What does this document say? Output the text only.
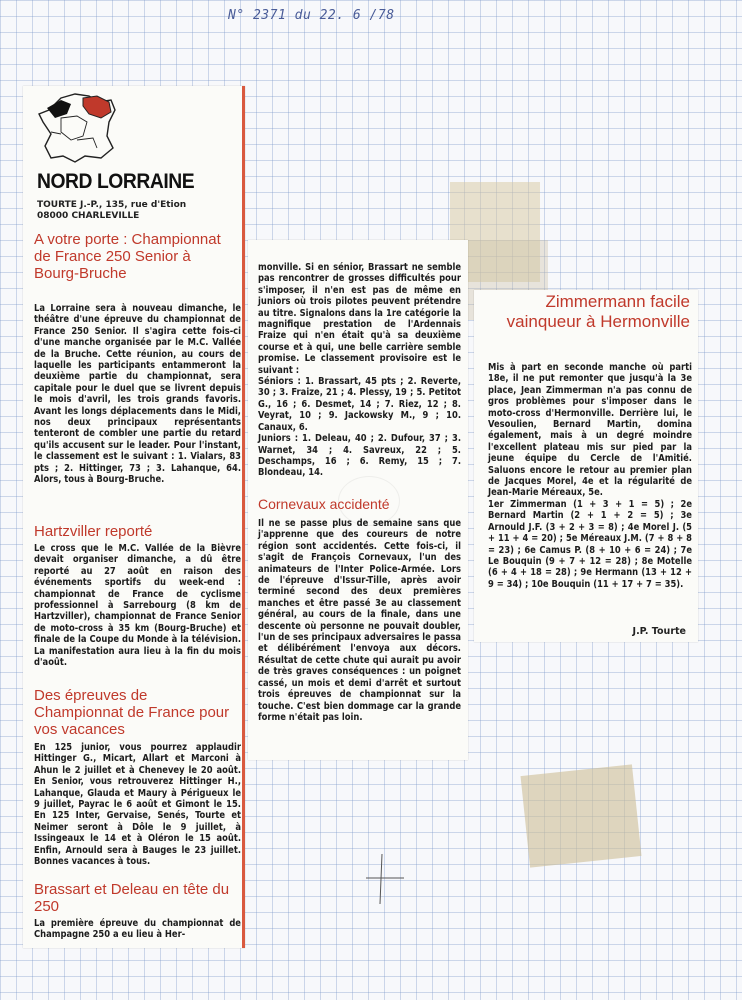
N° 2371 du 22. 6 /78
NORD LORRAINE
TOURTE J.-P., 135, rue d'Etion
08000 CHARLEVILLE
A votre porte : Championnat de France 250 Senior à Bourg-Bruche

La Lorraine sera à nouveau dimanche, le théâtre d'une épreuve du championnat de France 250 Senior. Il s'agira cette fois-ci d'une manche organisée par le M.C. Vallée de la Bruche. Cette réunion, au cours de laquelle les participants entammeront la deuxième partie du championnat, sera capitale pour le duel que se livrent depuis le mois d'avril, les trois grands favoris. Avant les longs déplacements dans le Midi, nos deux principaux représentants tenteront de combler une partie du retard qu'ils accusent sur le leader. Pour l'instant, le classement est le suivant : 1. Vialars, 83 pts ; 2. Hittinger, 73 ; 3. Lahanque, 64. Alors, tous à Bourg-Bruche.

Hartzviller reporté

Le cross que le M.C. Vallée de la Bièvre devait organiser dimanche, a dû être reporté au 27 août en raison des événements sportifs du week-end : championnat de France de cyclisme professionnel à Sarrebourg (8 km de Hartzviller), championnat de France Senior de moto-cross à 35 km (Bourg-Bruche) et finale de la Coupe du Monde à la télévision. La manifestation aura lieu à la fin du mois d'août.

Des épreuves de Championnat de France pour vos vacances

En 125 junior, vous pourrez applaudir Hittinger G., Micart, Allart et Marconi à Ahun le 2 juillet et à Chenevey le 20 août. En Senior, vous retrouverez Hittinger H., Lahanque, Glauda et Maury à Périgueux le 9 juillet, Payrac le 6 août et Gimont le 15. En 125 Inter, Gervaise, Senés, Tourte et Neimer seront à Dôle le 9 juillet, à Issingeaux le 14 et à Oléron le 15 août. Enfin, Arnould sera à Bauges le 23 juillet. Bonnes vacances à tous.

Brassart et Deleau en tête du 250

La première épreuve du championnat de Champagne 250 a eu lieu à Her-

monville. Si en sénior, Brassart ne semble pas rencontrer de grosses difficultés pour s'imposer, il n'en est pas de même en juniors où trois pilotes peuvent prétendre au titre. Signalons dans la 1re catégorie la magnifique prestation de l'Ardennais Fraize qui n'en était qu'à sa deuxième course et à qui, une belle carrière semble promise. Le classement provisoire est le suivant :

Séniors : 1. Brassart, 45 pts ; 2. Reverte, 30 ; 3. Fraize, 21 ; 4. Plessy, 19 ; 5. Petitot G., 16 ; 6. Desmet, 14 ; 7. Riez, 12 ; 8. Veyrat, 10 ; 9. Jackowsky M., 9 ; 10. Canaux, 6.

Juniors : 1. Deleau, 40 ; 2. Dufour, 37 ; 3. Warnet, 34 ; 4. Savreux, 22 ; 5. Deschamps, 16 ; 6. Remy, 15 ; 7. Blondeau, 14.

Cornevaux accidenté

Il ne se passe plus de semaine sans que j'apprenne que des coureurs de notre région sont accidentés. Cette fois-ci, il s'agit de François Cornevaux, l'un des animateurs de l'Inter Police-Armée. Lors de l'épreuve d'Issur-Tille, après avoir terminé second des deux premières manches et être passé 3e au classement général, au cours de la finale, dans une descente où personne ne pouvait doubler, l'un de ses principaux adversaires le passa et délibérément l'envoya aux décors. Résultat de cette chute qui aurait pu avoir de très graves conséquences : un poignet cassé, un mois et demi d'arrêt et surtout trois épreuves de championnat sur la touche. C'est bien dommage car la grande forme n'était pas loin.

Zimmermann facile vainqueur à Hermonville

Mis à part en seconde manche où parti 18e, il ne put remonter que jusqu'à la 3e place, Jean Zimmerman n'a pas connu de gros problèmes pour s'imposer dans le moto-cross d'Hermonville. Derrière lui, le Vesoulien, Bernard Martin, domina également, mais à un degré moindre l'excellent plateau mis sur pied par la jeune équipe du Cercle de l'Amitié. Saluons encore le retour au premier plan de Jacques Morel, 4e et la régularité de Jean-Marie Méreaux, 5e.

1er Zimmerman (1 + 3 + 1 = 5) ; 2e Bernard Martin (2 + 1 + 2 = 5) ; 3e Arnould J.F. (3 + 2 + 3 = 8) ; 4e Morel J. (5 + 11 + 4 = 20) ; 5e Méreaux J.M. (7 + 8 + 8 = 23) ; 6e Camus P. (8 + 10 + 6 = 24) ; 7e Le Bouquin (9 + 7 + 12 = 28) ; 8e Motelle (6 + 4 + 18 = 28) ; 9e Hermann (13 + 12 + 9 = 34) ; 10e Bouquin (11 + 17 + 7 = 35).

J.P. Tourte
